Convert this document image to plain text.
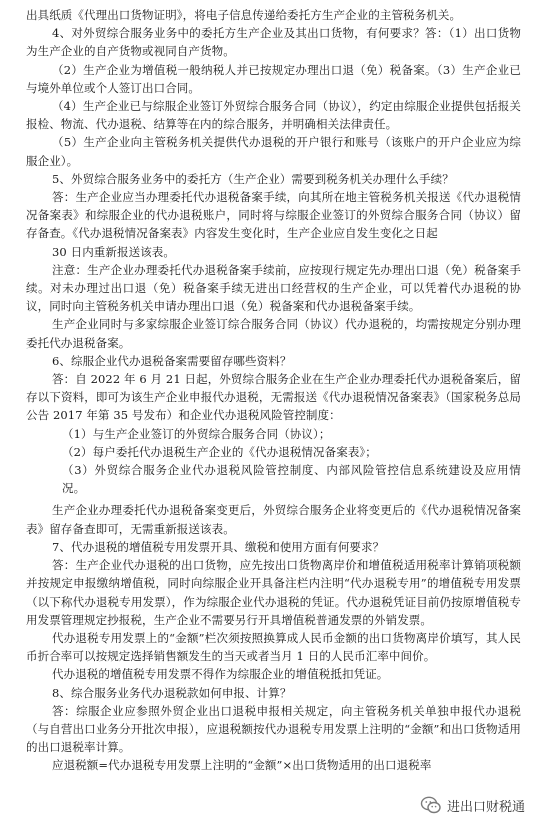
出具纸质《代理出口货物证明》，将电子信息传递给委托方生产企业的主管税务机关。

4、对外贸综合服务业务中的委托方生产企业及其出口货物，有何要求？答：（1）出口货物为生产企业的自产货物或视同自产货物。

（2）生产企业为增值税一般纳税人并已按规定办理出口退（免）税备案。（3）生产企业已与境外单位或个人签订出口合同。

（4）生产企业已与综服企业签订外贸综合服务合同（协议），约定由综服企业提供包括报关报检、物流、代办退税、结算等在内的综合服务，并明确相关法律责任。

（5）生产企业向主管税务机关提供代办退税的开户银行和账号（该账户的开户企业应为综服企业）。

5、外贸综合服务业务中的委托方（生产企业）需要到税务机关办理什么手续？

答：生产企业应当办理委托代办退税备案手续，向其所在地主管税务机关报送《代办退税情况备案表》和综服企业的代办退税账户，同时将与综服企业签订的外贸综合服务合同（协议）留存备查。《代办退税情况备案表》内容发生变化时，生产企业应自发生变化之日起

30 日内重新报送该表。

注意：生产企业办理委托代办退税备案手续前，应按现行规定先办理出口退（免）税备案手续。对未办理过出口退（免）税备案手续无进出口经营权的生产企业，可以凭着代办退税的协议，同时向主管税务机关申请办理出口退（免）税备案和代办退税备案手续。

生产企业同时与多家综服企业签订综合服务合同（协议）代办退税的，均需按规定分别办理委托代办退税备案。

6、综服企业代办退税备案需要留存哪些资料？

答：自 2022 年 6 月 21 日起，外贸综合服务企业在生产企业办理委托代办退税备案后，留存以下资料，即可为该生产企业申报代办退税，无需报送《代办退税情况备案表》（国家税务总局公告 2017 年第 35 号发布）和企业代办退税风险管控制度：

（1）与生产企业签订的外贸综合服务合同（协议）；

（2）每户委托代办退税生产企业的《代办退税情况备案表》；

（3）外贸综合服务企业代办退税风险管控制度、内部风险管控信息系统建设及应用情况。

生产企业办理委托代办退税备案变更后，外贸综合服务企业将变更后的《代办退税情况备案表》留存备查即可，无需重新报送该表。

7、代办退税的增值税专用发票开具、缴税和使用方面有何要求？

答：生产企业代办退税的出口货物，应先按出口货物离岸价和增值税适用税率计算销项税额并按规定申报缴纳增值税，同时向综服企业开具备注栏内注明“代办退税专用”的增值税专用发票（以下称代办退税专用发票），作为综服企业代办退税的凭证。代办退税凭证目前仍按原增值税专用发票管理规定抄报税，生产企业不需要另行开具增值税普通发票的外销发票。

代办退税专用发票上的“金额”栏次须按照换算成人民币金额的出口货物离岸价填写，其人民币折合率可以按规定选择销售额发生的当天或者当月 1 日的人民币汇率中间价。

代办退税的增值税专用发票不得作为综服企业的增值税抵扣凭证。

8、综合服务业务代办退税款如何申报、计算？

答：综服企业应参照外贸企业出口退税申报相关规定，向主管税务机关单独申报代办退税（与自营出口业务分开批次申报），应退税额按代办退税专用发票上注明的“金额”和出口货物适用的出口退税率计算。

应退税额=代办退税专用发票上注明的“金额”×出口货物适用的出口退税率

进出口财税通
